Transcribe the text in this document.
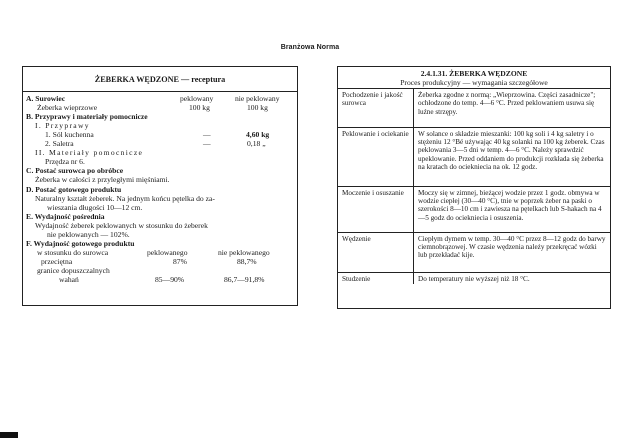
Branżowa Norma
ŻEBERKA WĘDZONE — receptura
A. Surowiec	peklowany	nie peklowany
Żeberka wieprzowe	100 kg	100 kg
B. Przyprawy i materiały pomocnicze
I. Przyprawy
1. Sól kuchenna	—	4,60 kg
2. Saletra	—	0,18 „
II. Materiały pomocnicze
Przędza nr 6.
C. Postać surowca po obróbce
Żeberka w całości z przyległymi mięśniami.
D. Postać gotowego produktu
Naturalny kształt żeberek. Na jednym końcu pętelka do za-
wieszania długości 10—12 cm.
E. Wydajność pośrednia
Wydajność żeberek peklowanych w stosunku do żeberek
nie peklowanych — 102%.
F. Wydajność gotowego produktu
w stosunku do surowca	peklowanego	nie peklowanego
przeciętna	87%	88,7%
granice dopuszczalnych
wahań	85—90%	86,7—91,8%
2.4.1.31. ŻEBERKA WĘDZONE
Proces produkcyjny — wymagania szczegółowe
Pochodzenie i jakość surowca	Żeberka zgodne z normą: „Wieprzowina. Części zasadnicze"; ochłodzone do temp. 4—6 °C. Przed peklowaniem usuwa się luźne strzępy.
Peklowanie i ociekanie	W solance o składzie mieszanki: 100 kg soli i 4 kg saletry i o stężeniu 12 °Bé używając 40 kg solanki na 100 kg żeberek. Czas peklowania 3—5 dni w temp. 4—6 °C. Należy sprawdzić upeklowanie. Przed oddaniem do produkcji rozkłada się żeberka na kratach do ociekniecia na ok. 12 godz.
Moczenie i osuszanie	Moczy się w zimnej, bieżącej wodzie przez 1 godz. obmywa w wodzie ciepłej (30—40 °C), tnie w poprzek żeber na paski o szerokości 8—10 cm i zawiesza na pętelkach lub S-hakach na 4—5 godz do ociekniecia i osuszenia.
Wędzenie	Ciepłym dymem w temp. 30—40 °C przez 8—12 godz do barwy ciemnobrązowej. W czasie wędzenia należy przekręcać wózki lub przekładać kije.
Studzenie	Do temperatury nie wyższej niż 18 °C.
